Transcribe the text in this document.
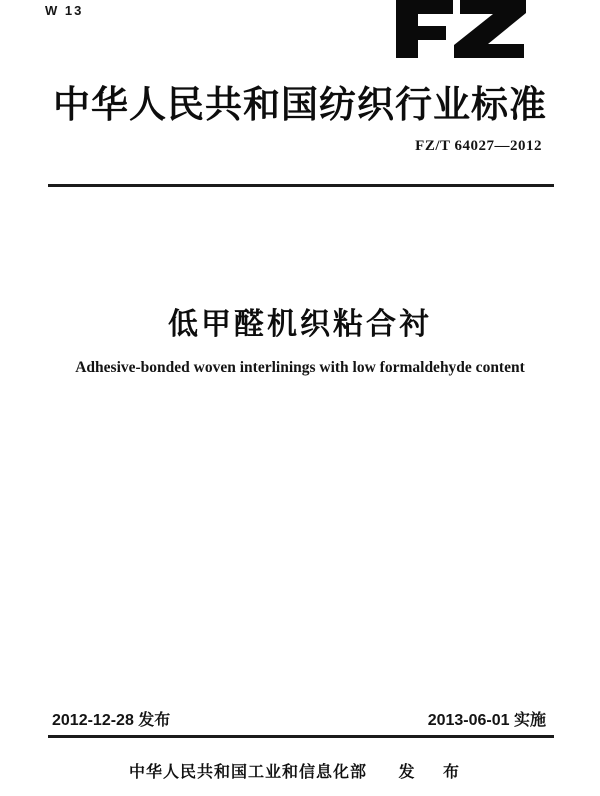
W 13
中华人民共和国纺织行业标准
FZ/T 64027—2012
低甲醛机织粘合衬
Adhesive-bonded woven interlinings with low formaldehyde content
2012-12-28 发布	2013-06-01 实施
中华人民共和国工业和信息化部 发 布
